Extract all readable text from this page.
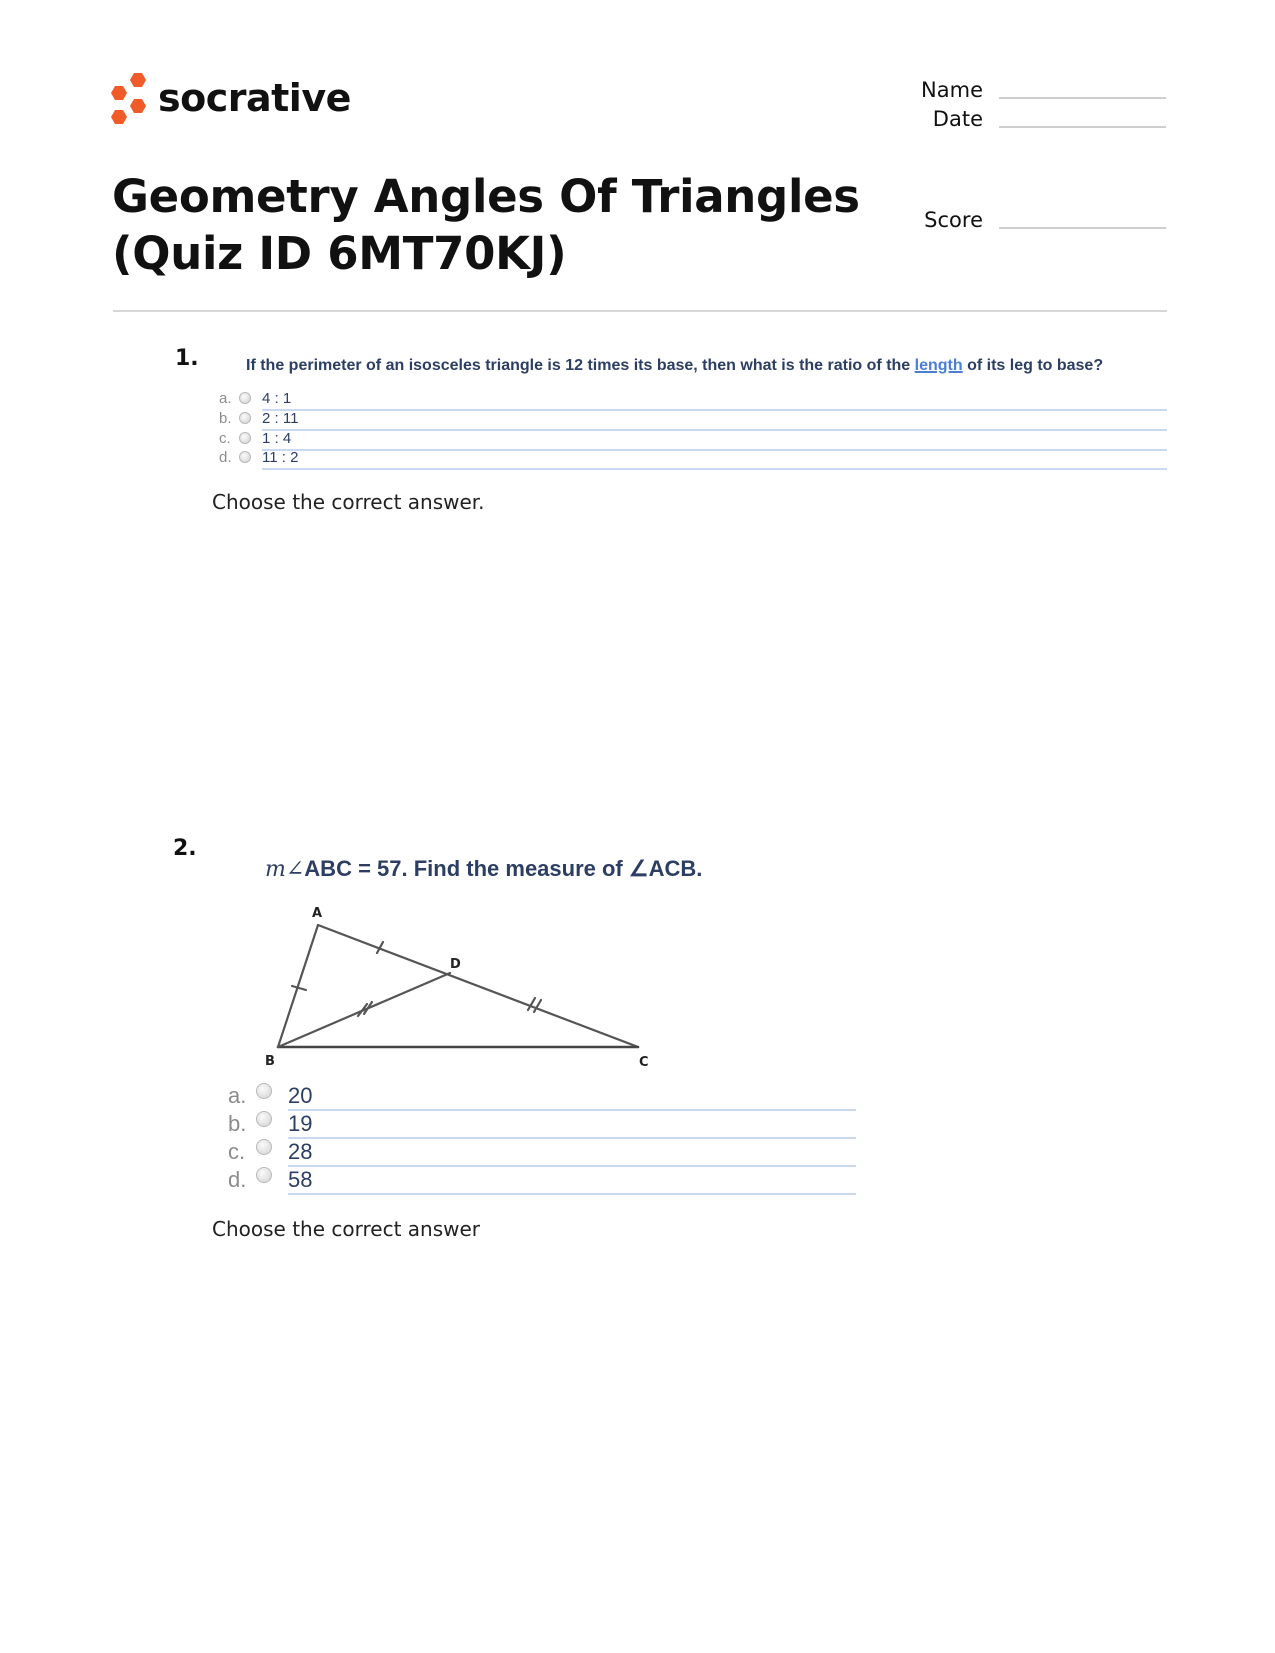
socrative	Name
Date
Score
Geometry Angles Of Triangles
(Quiz ID 6MT70KJ)
1.	If the perimeter of an isosceles triangle is 12 times its base, then what is the ratio of the length of its leg to base?
a. 4 : 1
b. 2 : 11
c. 1 : 4
d. 11 : 2
Choose the correct answer.
2.
m∠ABC = 57. Find the measure of ∠ACB.
A
D
B	C
a. 20
b. 19
c. 28
d. 58
Choose the correct answer
